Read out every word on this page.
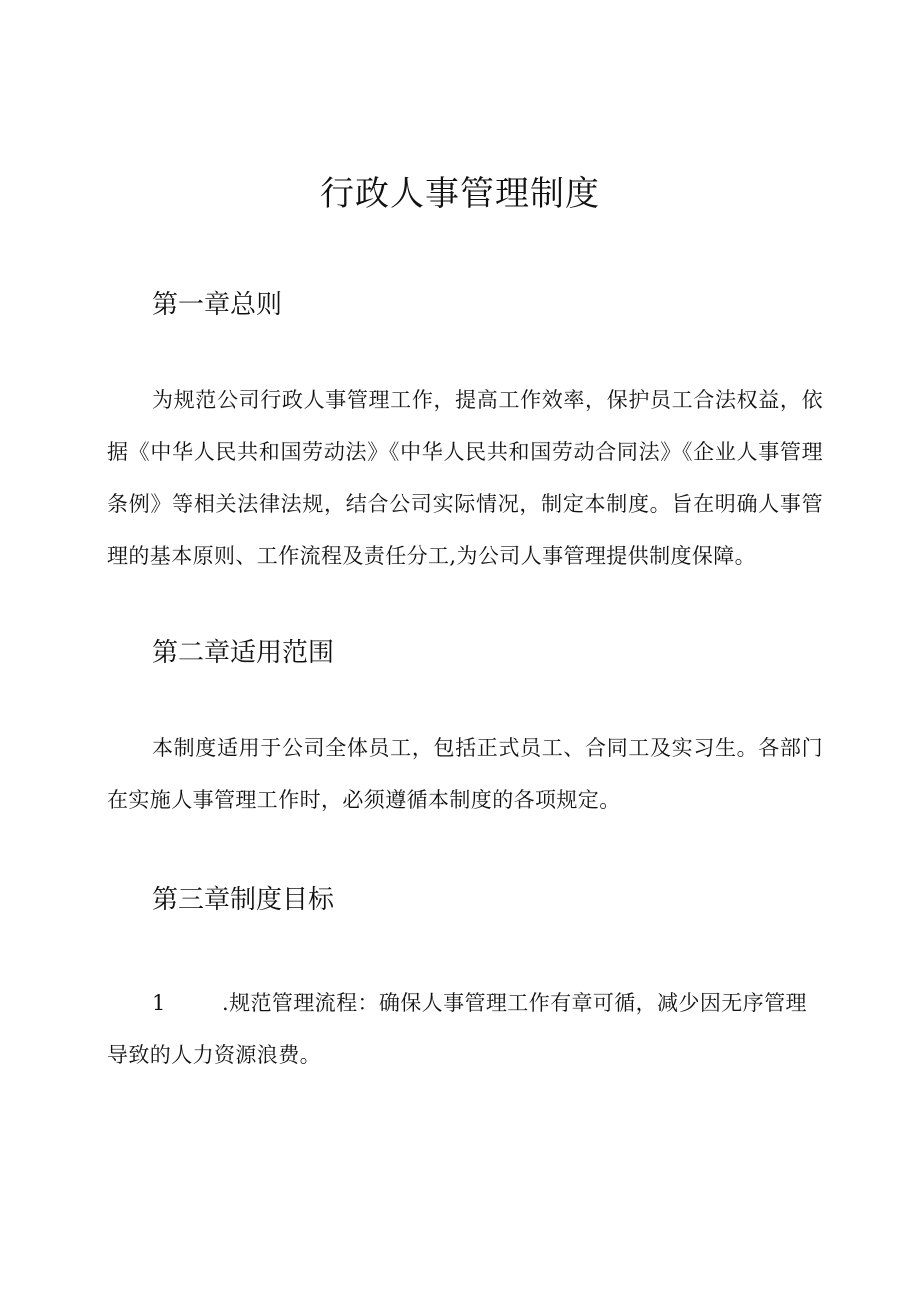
行政人事管理制度
第一章总则

为规范公司行政人事管理工作，提高工作效率，保护员工合法权益，依据《中华人民共和国劳动法》《中华人民共和国劳动合同法》《企业人事管理条例》等相关法律法规，结合公司实际情况，制定本制度。旨在明确人事管理的基本原则、工作流程及责任分工,为公司人事管理提供制度保障。

第二章适用范围

本制度适用于公司全体员工，包括正式员工、合同工及实习生。各部门在实施人事管理工作时，必须遵循本制度的各项规定。

第三章制度目标

1	.规范管理流程：确保人事管理工作有章可循，减少因无序管理导致的人力资源浪费。
